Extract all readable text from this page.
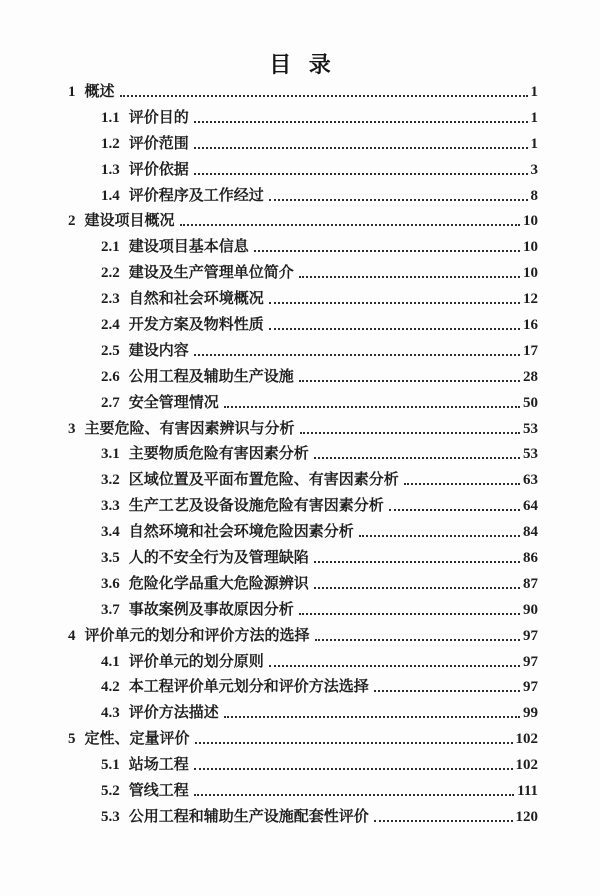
目 录
1 概述	1
1.1 评价目的	1
1.2 评价范围	1
1.3 评价依据	3
1.4 评价程序及工作经过	8
2 建设项目概况	10
2.1 建设项目基本信息	10
2.2 建设及生产管理单位简介	10
2.3 自然和社会环境概况	12
2.4 开发方案及物料性质	16
2.5 建设内容	17
2.6 公用工程及辅助生产设施	28
2.7 安全管理情况	50
3 主要危险、有害因素辨识与分析	53
3.1 主要物质危险有害因素分析	53
3.2 区域位置及平面布置危险、有害因素分析	63
3.3 生产工艺及设备设施危险有害因素分析	64
3.4 自然环境和社会环境危险因素分析	84
3.5 人的不安全行为及管理缺陷	86
3.6 危险化学品重大危险源辨识	87
3.7 事故案例及事故原因分析	90
4 评价单元的划分和评价方法的选择	97
4.1 评价单元的划分原则	97
4.2 本工程评价单元划分和评价方法选择	97
4.3 评价方法描述	99
5 定性、定量评价	102
5.1 站场工程	102
5.2 管线工程	111
5.3 公用工程和辅助生产设施配套性评价	120
